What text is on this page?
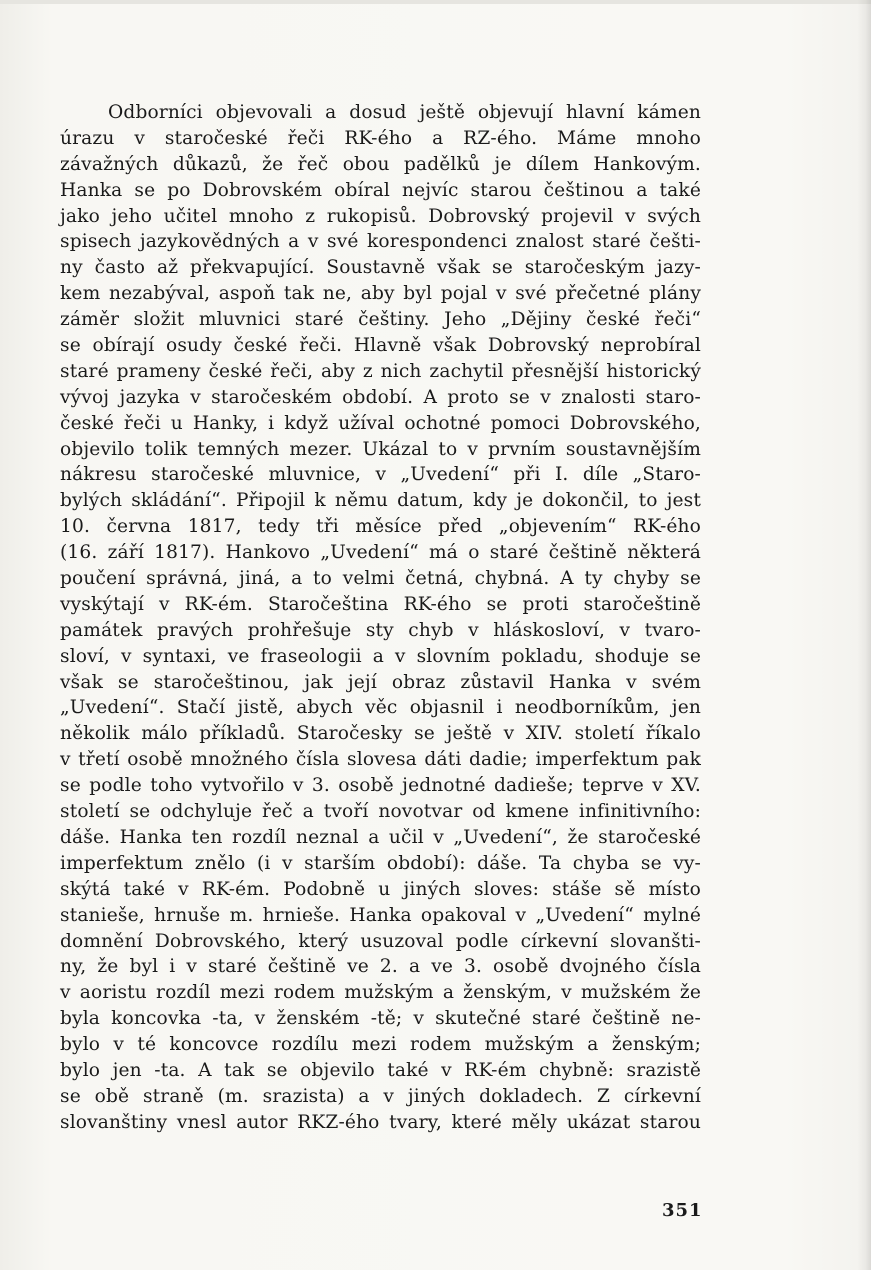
Odborníci objevovali a dosud ještě objevují hlavní kámen
úrazu v staročeské řeči RK-ého a RZ-ého. Máme mnoho
závažných důkazů, že řeč obou padělků je dílem Hankovým.
Hanka se po Dobrovském obíral nejvíc starou češtinou a také
jako jeho učitel mnoho z rukopisů. Dobrovský projevil v svých
spisech jazykovědných a v své korespondenci znalost staré češti-
ny často až překvapující. Soustavně však se staročeským jazy-
kem nezabýval, aspoň tak ne, aby byl pojal v své přečetné plány
záměr složit mluvnici staré češtiny. Jeho „Dějiny české řeči“
se obírají osudy české řeči. Hlavně však Dobrovský neprobíral
staré prameny české řeči, aby z nich zachytil přesnější historický
vývoj jazyka v staročeském období. A proto se v znalosti staro-
české řeči u Hanky, i když užíval ochotné pomoci Dobrovského,
objevilo tolik temných mezer. Ukázal to v prvním soustavnějším
nákresu staročeské mluvnice, v „Uvedení“ při I. díle „Staro-
bylých skládání“. Připojil k němu datum, kdy je dokončil, to jest
10. června 1817, tedy tři měsíce před „objevením“ RK-ého
(16. září 1817). Hankovo „Uvedení“ má o staré češtině některá
poučení správná, jiná, a to velmi četná, chybná. A ty chyby se
vyskýtají v RK-ém. Staročeština RK-ého se proti staročeštině
památek pravých prohřešuje sty chyb v hláskosloví, v tvaro-
sloví, v syntaxi, ve fraseologii a v slovním pokladu, shoduje se
však se staročeštinou, jak její obraz zůstavil Hanka v svém
„Uvedení“. Stačí jistě, abych věc objasnil i neodborníkům, jen
několik málo příkladů. Staročesky se ještě v XIV. století říkalo
v třetí osobě množného čísla slovesa dáti dadie; imperfektum pak
se podle toho vytvořilo v 3. osobě jednotné dadieše; teprve v XV.
století se odchyluje řeč a tvoří novotvar od kmene infinitivního:
dáše. Hanka ten rozdíl neznal a učil v „Uvedení“, že staročeské
imperfektum znělo (i v starším období): dáše. Ta chyba se vy-
skýtá také v RK-ém. Podobně u jiných sloves: stáše sě místo
stanieše, hrnuše m. hrnieše. Hanka opakoval v „Uvedení“ mylné
domnění Dobrovského, který usuzoval podle církevní slovanšti-
ny, že byl i v staré češtině ve 2. a ve 3. osobě dvojného čísla
v aoristu rozdíl mezi rodem mužským a ženským, v mužském že
byla koncovka -ta, v ženském -tě; v skutečné staré češtině ne-
bylo v té koncovce rozdílu mezi rodem mužským a ženským;
bylo jen -ta. A tak se objevilo také v RK-ém chybně: srazistě
se obě straně (m. srazista) a v jiných dokladech. Z církevní
slovanštiny vnesl autor RKZ-ého tvary, které měly ukázat starou
351
